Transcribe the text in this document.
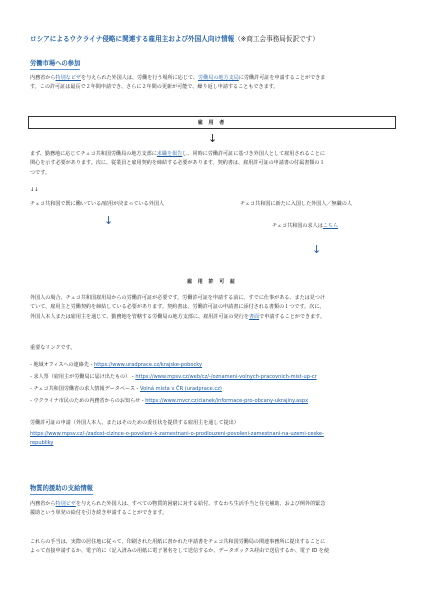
ロシアによるウクライナ侵略に関連する雇用主および外国人向け情報（※商工会事務局仮訳です）
労働市場への参加
内務省から特別なビザを与えられた外国人は、労働を行う場所に応じて、労働局の地方支局に労働許可証を申請することができま
す。この許可証は最長で２年間申請でき、さらに２年間の更新が可能で、繰り返し申請することもできます。
雇 用 者
↓
まず、勤務地に応じてチェコ共和国労働局の地方支部に求職を報告し、同時に労働許可証に基づき外国人として雇用されることに
関心を示す必要があります。次に、従業員と雇用契約を締結する必要があります。契約書は、雇用許可証の申請書の付属書類の１
つです。
↓↓
チェコ共和国で既に働いている/雇用が決まっている外国人	チェコ共和国に新たに入国した外国人／無職の人
↓	チェコ共和国の求人はこちら
↓
雇 用 許 可 証
外国人の場合、チェコ共和国雇用局からの労働許可証が必要です。労働許可証を申請する前に、すでに仕事がある、または見つけ
ていて、雇用主と労働契約を締結している必要があります。契約書は、労働許可証の申請書に添付される書類の１つです。次に、
外国人本人または雇用主を通じて、勤務地を管轄する労働局の地方支部に、雇用許可証の発行を書面で申請することができます。
重要なリンクです。
- 地域オフィスへの連絡先 - https://www.uradprace.cz/krajske-pobocky
- 求人票（雇用主が労働局に届け出たもの） - https://www.mpsv.cz/web/cz/-/oznameni-volnych-pracovnich-mist-up-cr
- チェコ共和国労働省の求人情報データベース - Volná místa v ČR (uradprace.cz)
- ウクライナ市民のための内務省からのお知らせ - https://www.mvcr.cz/clanek/informace-pro-obcany-ukrajiny.aspx
労働許可証の申請（外国人本人、またはそのための委任状を提供する雇用主を通して提出）
https://www.mpsv.cz/-/zadost-cizince-o-povoleni-k-zamestnani-o-prodlouzeni-povoleni-zamestnani-na-uzemi-ceske-
republiky
物質的援助の支給情報
内務省から特別ビザを与えられた外国人は、すべての物質的困窮に対する給付、すなわち生活手当と住宅補助、および例外的緊急
援助という単発の給付を引き続き申請することができます。
これらの手当は、実際の居住地に従って、印刷された用紙に書かれた申請書をチェコ共和国労働局の関連事務所に提出することに
よって直接申請するか、電子的に（記入済みの用紙に電子署名をして送信するか、データボックス経由で送信するか、電子 ID を使
